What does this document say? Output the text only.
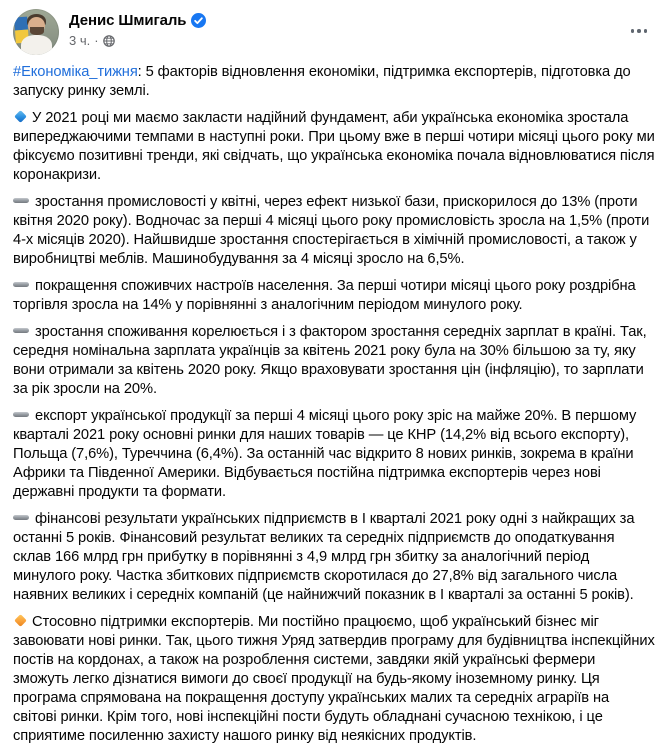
Денис Шмигаль
3 ч. ·
#Економіка_тижня: 5 факторів відновлення економіки, підтримка експортерів, підготовка до запуску ринку землі.
У 2021 році ми маємо закласти надійний фундамент, аби українська економіка зростала випереджаючими темпами в наступні роки. При цьому вже в перші чотири місяці цього року ми фіксуємо позитивні тренди, які свідчать, що українська економіка почала відновлюватися після коронакризи.
зростання промисловості у квітні, через ефект низької бази, прискорилося до 13% (проти квітня 2020 року). Водночас за перші 4 місяці цього року промисловість зросла на 1,5% (проти 4-х місяців 2020). Найшвидше зростання спостерігається в хімічній промисловості, а також у виробництві меблів. Машинобудування за 4 місяці зросло на 6,5%.
покращення споживчих настроїв населення. За перші чотири місяці цього року роздрібна торгівля зросла на 14% у порівнянні з аналогічним періодом минулого року.
зростання споживання корелюється і з фактором зростання середніх зарплат в країні. Так, середня номінальна зарплата українців за квітень 2021 року була на 30% більшою за ту, яку вони отримали за квітень 2020 року. Якщо враховувати зростання цін (інфляцію), то зарплати за рік зросли на 20%.
експорт української продукції за перші 4 місяці цього року зріс на майже 20%. В першому кварталі 2021 року основні ринки для наших товарів — це КНР (14,2% від всього експорту), Польща (7,6%), Туреччина (6,4%). За останній час відкрито 8 нових ринків, зокрема в країни Африки та Південної Америки. Відбувається постійна підтримка експортерів через нові державні продукти та формати.
фінансові результати українських підприємств в І кварталі 2021 року одні з найкращих за останні 5 років. Фінансовий результат великих та середніх підприємств до оподаткування склав 166 млрд грн прибутку в порівнянні з 4,9 млрд грн збитку за аналогічний період минулого року. Частка збиткових підприємств скоротилася до 27,8% від загального числа наявних великих і середніх компаній (це найнижчий показник в І кварталі за останні 5 років).
Стосовно підтримки експортерів. Ми постійно працюємо, щоб український бізнес міг завоювати нові ринки. Так, цього тижня Уряд затвердив програму для будівництва інспекційних постів на кордонах, а також на розроблення системи, завдяки якій українські фермери зможуть легко дізнатися вимоги до своєї продукції на будь-якому іноземному ринку. Ця програма спрямована на покращення доступу українських малих та середніх аграріїв на світові ринки. Крім того, нові інспекційні пости будуть обладнані сучасною технікою, і це сприятиме посиленню захисту нашого ринку від неякісних продуктів.
